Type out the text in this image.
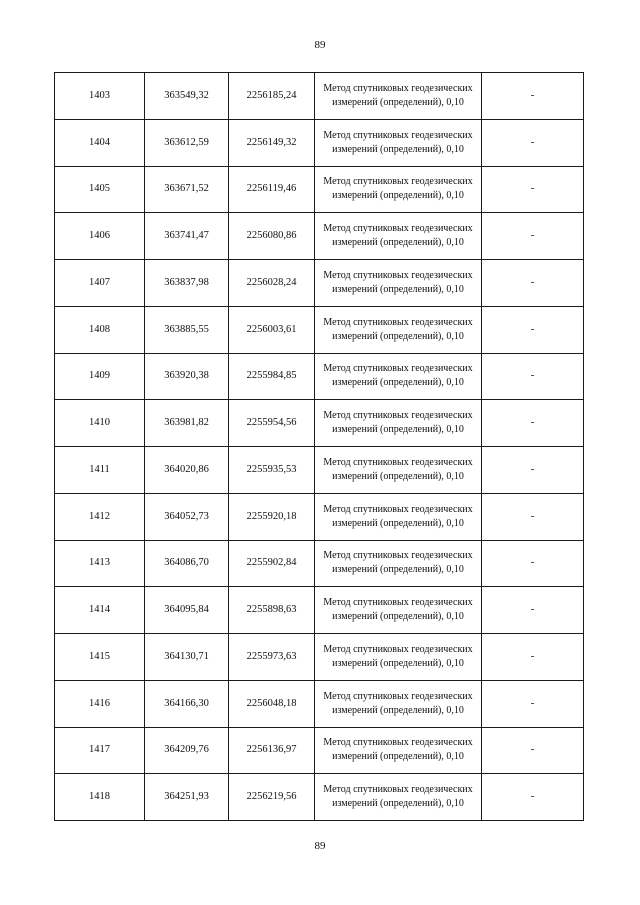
89
1403	363549,32	2256185,24	Метод спутниковых геодезических измерений (определений), 0,10	-
1404	363612,59	2256149,32	Метод спутниковых геодезических измерений (определений), 0,10	-
1405	363671,52	2256119,46	Метод спутниковых геодезических измерений (определений), 0,10	-
1406	363741,47	2256080,86	Метод спутниковых геодезических измерений (определений), 0,10	-
1407	363837,98	2256028,24	Метод спутниковых геодезических измерений (определений), 0,10	-
1408	363885,55	2256003,61	Метод спутниковых геодезических измерений (определений), 0,10	-
1409	363920,38	2255984,85	Метод спутниковых геодезических измерений (определений), 0,10	-
1410	363981,82	2255954,56	Метод спутниковых геодезических измерений (определений), 0,10	-
1411	364020,86	2255935,53	Метод спутниковых геодезических измерений (определений), 0,10	-
1412	364052,73	2255920,18	Метод спутниковых геодезических измерений (определений), 0,10	-
1413	364086,70	2255902,84	Метод спутниковых геодезических измерений (определений), 0,10	-
1414	364095,84	2255898,63	Метод спутниковых геодезических измерений (определений), 0,10	-
1415	364130,71	2255973,63	Метод спутниковых геодезических измерений (определений), 0,10	-
1416	364166,30	2256048,18	Метод спутниковых геодезических измерений (определений), 0,10	-
1417	364209,76	2256136,97	Метод спутниковых геодезических измерений (определений), 0,10	-
1418	364251,93	2256219,56	Метод спутниковых геодезических измерений (определений), 0,10	-
89
